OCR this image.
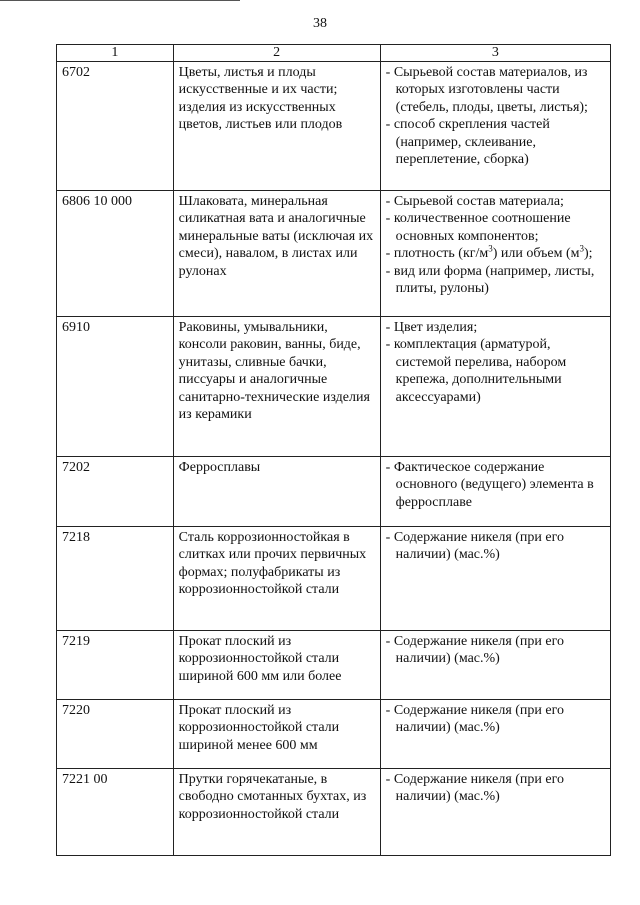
38
1	2	3
6702	Цветы, листья и плоды искусственные и их части; изделия из искусственных цветов, листьев или плодов	- Сырьевой состав материалов, из которых изготовлены части (стебель, плоды, цветы, листья);
- способ скрепления частей (например, склеивание, переплетение, сборка)

6806 10 000	Шлаковата, минеральная силикатная вата и аналогичные минеральные ваты (исключая их смеси), навалом, в листах или рулонах	- Сырьевой состав материала;
- количественное соотношение основных компонентов;
- плотность $(кг/м^3)$ или объем $(м^3)$;
- вид или форма (например, листы, плиты, рулоны)

6910	Раковины, умывальники, консоли раковин, ванны, биде, унитазы, сливные бачки, писсуары и аналогичные санитарно-технические изделия из керамики	- Цвет изделия;
- комплектация (арматурой, системой перелива, набором крепежа, дополнительными аксессуарами)

7202	Ферросплавы	- Фактическое содержание основного (ведущего) элемента в ферросплаве

7218	Сталь коррозионностойкая в слитках или прочих первичных формах; полуфабрикаты из коррозионностойкой стали	- Содержание никеля (при его наличии) (мас.%)

7219	Прокат плоский из коррозионностойкой стали шириной 600 мм или более	- Содержание никеля (при его наличии) (мас.%)

7220	Прокат плоский из коррозионностойкой стали шириной менее 600 мм	- Содержание никеля (при его наличии) (мас.%)

7221 00	Прутки горячекатаные, в свободно смотанных бухтах, из коррозионностойкой стали	- Содержание никеля (при его наличии) (мас.%)
